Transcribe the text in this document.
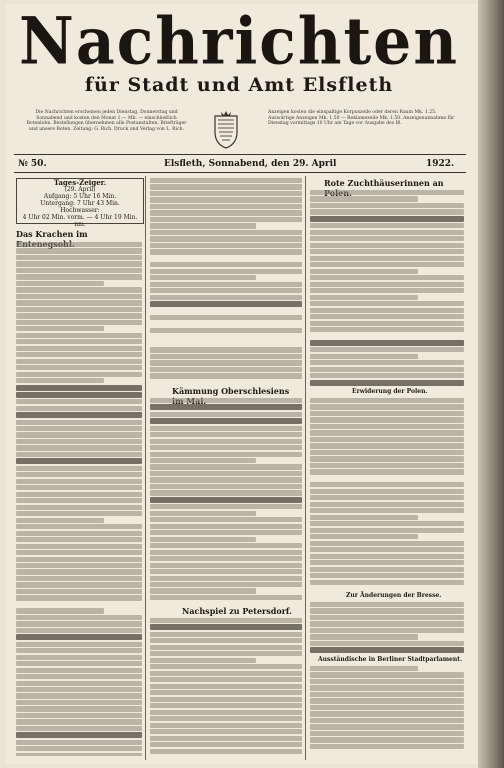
Nachrichten
für Stadt und Amt Elsfleth
Die Nachrichten erscheinen jeden Dienstag, Donnerstag und Sonnabend und kosten den Monat 1.— Mk. — einschließlich Botenlohn. Bestellungen übernehmen alle Postanstalten, Briefträger und unsere Boten. Zeitung: G. Rich. Druck und Verlag von L. Rich.
Anzeigen kosten die einspaltige Korpuszeile oder deren Raum Mk. 1.25. Auswärtige Anzeigen Mk. 1.50 — Reklamezeile Mk. 1.50. Anzeigenannahme für Dienstag vormittags 10 Uhr am Tage vor Ausgabe des Bl.
№ 50.	Elsfleth, Sonnabend, den 29. April	1922.
Tages-Zeiger.
(29. April)
Aufgang: 5 Uhr 16 Min.
Untergang: 7 Uhr 43 Min.
Hochwasser:
4 Uhr 02 Min. vorm. — 4 Uhr 19 Min. nm.
Das Krachen im
Kämmung Oberschlesiens
Nachspiel zu Petersdorf.
Rote Zuchthäuserinnen an
Erwiderung der Polen.
Zur Änderungen der Bresse.
Ausständische in Berliner Stadtparlament.
